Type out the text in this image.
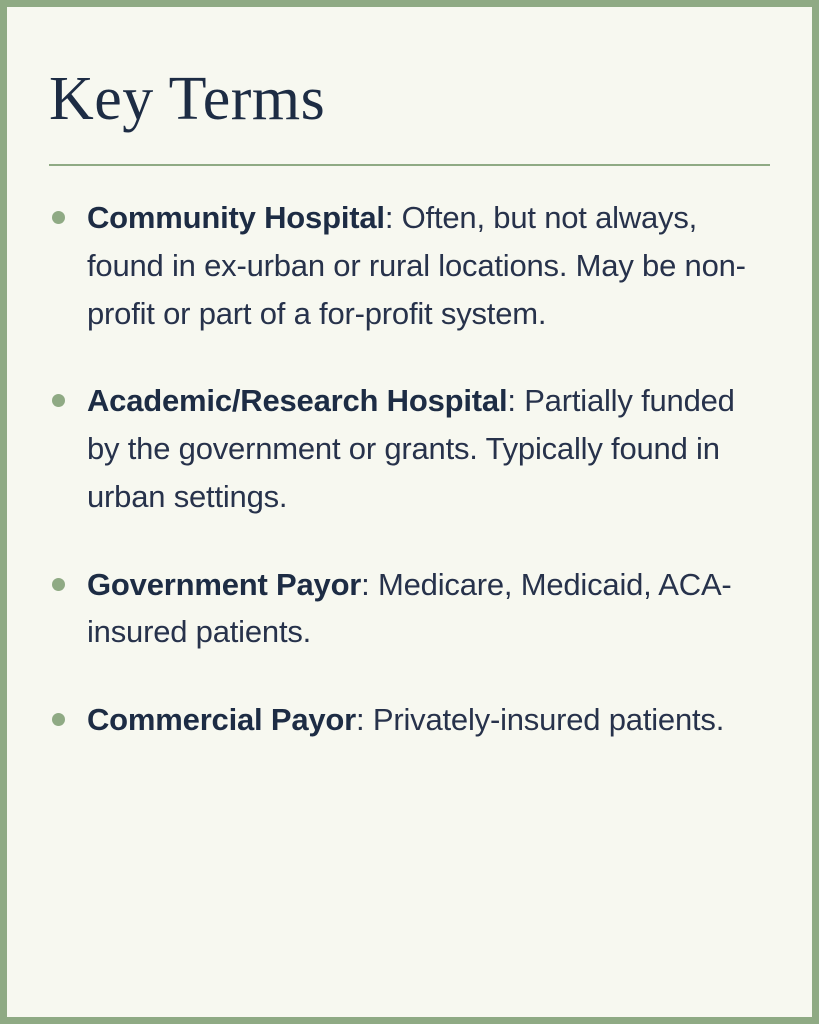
Key Terms
Community Hospital: Often, but not always, found in ex-urban or rural locations. May be non-profit or part of a for-profit system.
Academic/Research Hospital: Partially funded by the government or grants. Typically found in urban settings.
Government Payor: Medicare, Medicaid, ACA-insured patients.
Commercial Payor: Privately-insured patients.
